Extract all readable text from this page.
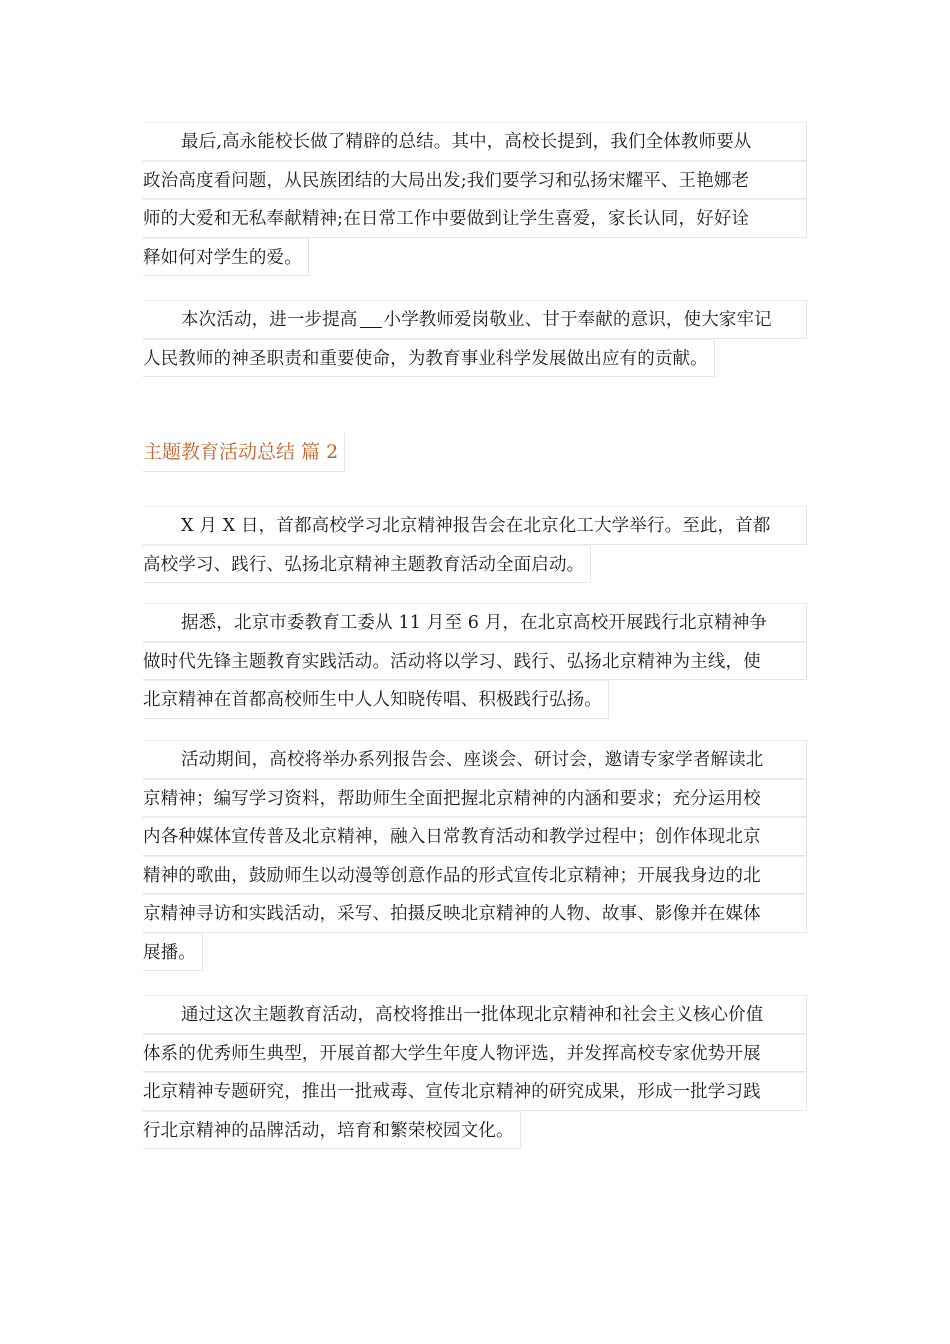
最后,高永能校长做了精辟的总结。其中，高校长提到，我们全体教师要从
政治高度看问题，从民族团结的大局出发;我们要学习和弘扬宋耀平、王艳娜老
师的大爱和无私奉献精神;在日常工作中要做到让学生喜爱，家长认同，好好诠
释如何对学生的爱。
本次活动，进一步提高 小学教师爱岗敬业、甘于奉献的意识，使大家牢记
人民教师的神圣职责和重要使命，为教育事业科学发展做出应有的贡献。
主题教育活动总结 篇 2
X 月 X 日，首都高校学习北京精神报告会在北京化工大学举行。至此，首都
高校学习、践行、弘扬北京精神主题教育活动全面启动。
据悉，北京市委教育工委从 11 月至 6 月，在北京高校开展践行北京精神争
做时代先锋主题教育实践活动。活动将以学习、践行、弘扬北京精神为主线，使
北京精神在首都高校师生中人人知晓传唱、积极践行弘扬。
活动期间，高校将举办系列报告会、座谈会、研讨会，邀请专家学者解读北
京精神；编写学习资料，帮助师生全面把握北京精神的内涵和要求；充分运用校
内各种媒体宣传普及北京精神，融入日常教育活动和教学过程中；创作体现北京
精神的歌曲，鼓励师生以动漫等创意作品的形式宣传北京精神；开展我身边的北
京精神寻访和实践活动，采写、拍摄反映北京精神的人物、故事、影像并在媒体
展播。
通过这次主题教育活动，高校将推出一批体现北京精神和社会主义核心价值
体系的优秀师生典型，开展首都大学生年度人物评选，并发挥高校专家优势开展
北京精神专题研究，推出一批戒毒、宣传北京精神的研究成果，形成一批学习践
行北京精神的品牌活动，培育和繁荣校园文化。
